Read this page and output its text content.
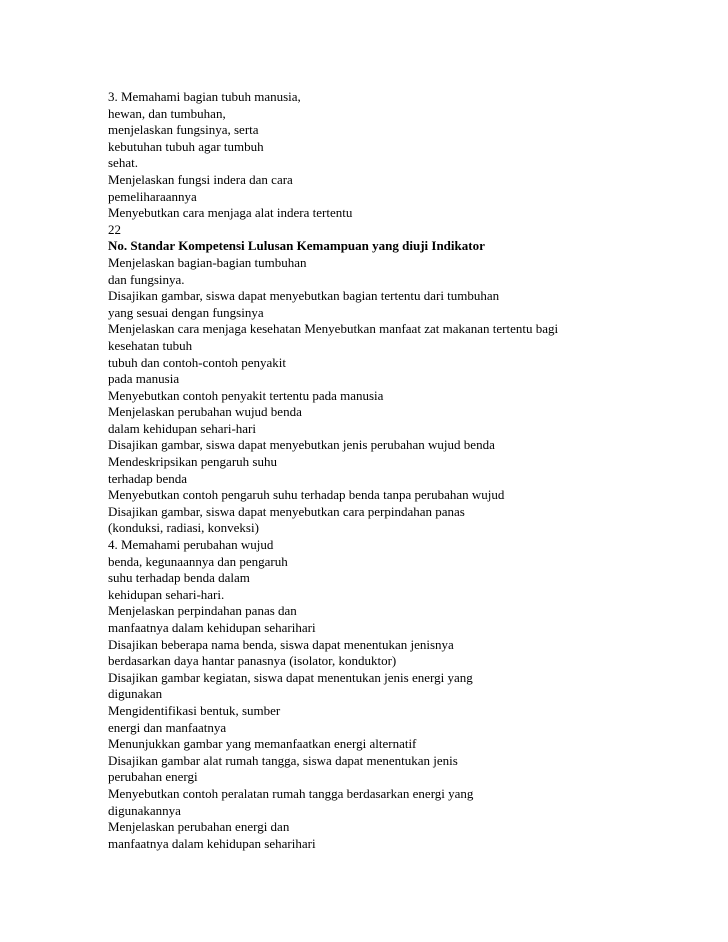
3. Memahami bagian tubuh manusia,
hewan, dan tumbuhan,
menjelaskan fungsinya, serta
kebutuhan tubuh agar tumbuh
sehat.
Menjelaskan fungsi indera dan cara
pemeliharaannya
Menyebutkan cara menjaga alat indera tertentu
22
No. Standar Kompetensi Lulusan Kemampuan yang diuji Indikator
Menjelaskan bagian-bagian tumbuhan
dan fungsinya.
Disajikan gambar, siswa dapat menyebutkan bagian tertentu dari tumbuhan
yang sesuai dengan fungsinya
Menjelaskan cara menjaga kesehatan Menyebutkan manfaat zat makanan tertentu bagi
kesehatan tubuh
tubuh dan contoh-contoh penyakit
pada manusia
Menyebutkan contoh penyakit tertentu pada manusia
Menjelaskan perubahan wujud benda
dalam kehidupan sehari-hari
Disajikan gambar, siswa dapat menyebutkan jenis perubahan wujud benda
Mendeskripsikan pengaruh suhu
terhadap benda
Menyebutkan contoh pengaruh suhu terhadap benda tanpa perubahan wujud
Disajikan gambar, siswa dapat menyebutkan cara perpindahan panas
(konduksi, radiasi, konveksi)
4. Memahami perubahan wujud
benda, kegunaannya dan pengaruh
suhu terhadap benda dalam
kehidupan sehari-hari.
Menjelaskan perpindahan panas dan
manfaatnya dalam kehidupan seharihari
Disajikan beberapa nama benda, siswa dapat menentukan jenisnya
berdasarkan daya hantar panasnya (isolator, konduktor)
Disajikan gambar kegiatan, siswa dapat menentukan jenis energi yang
digunakan
Mengidentifikasi bentuk, sumber
energi dan manfaatnya
Menunjukkan gambar yang memanfaatkan energi alternatif
Disajikan gambar alat rumah tangga, siswa dapat menentukan jenis
perubahan energi
Menyebutkan contoh peralatan rumah tangga berdasarkan energi yang
digunakannya
Menjelaskan perubahan energi dan
manfaatnya dalam kehidupan seharihari
